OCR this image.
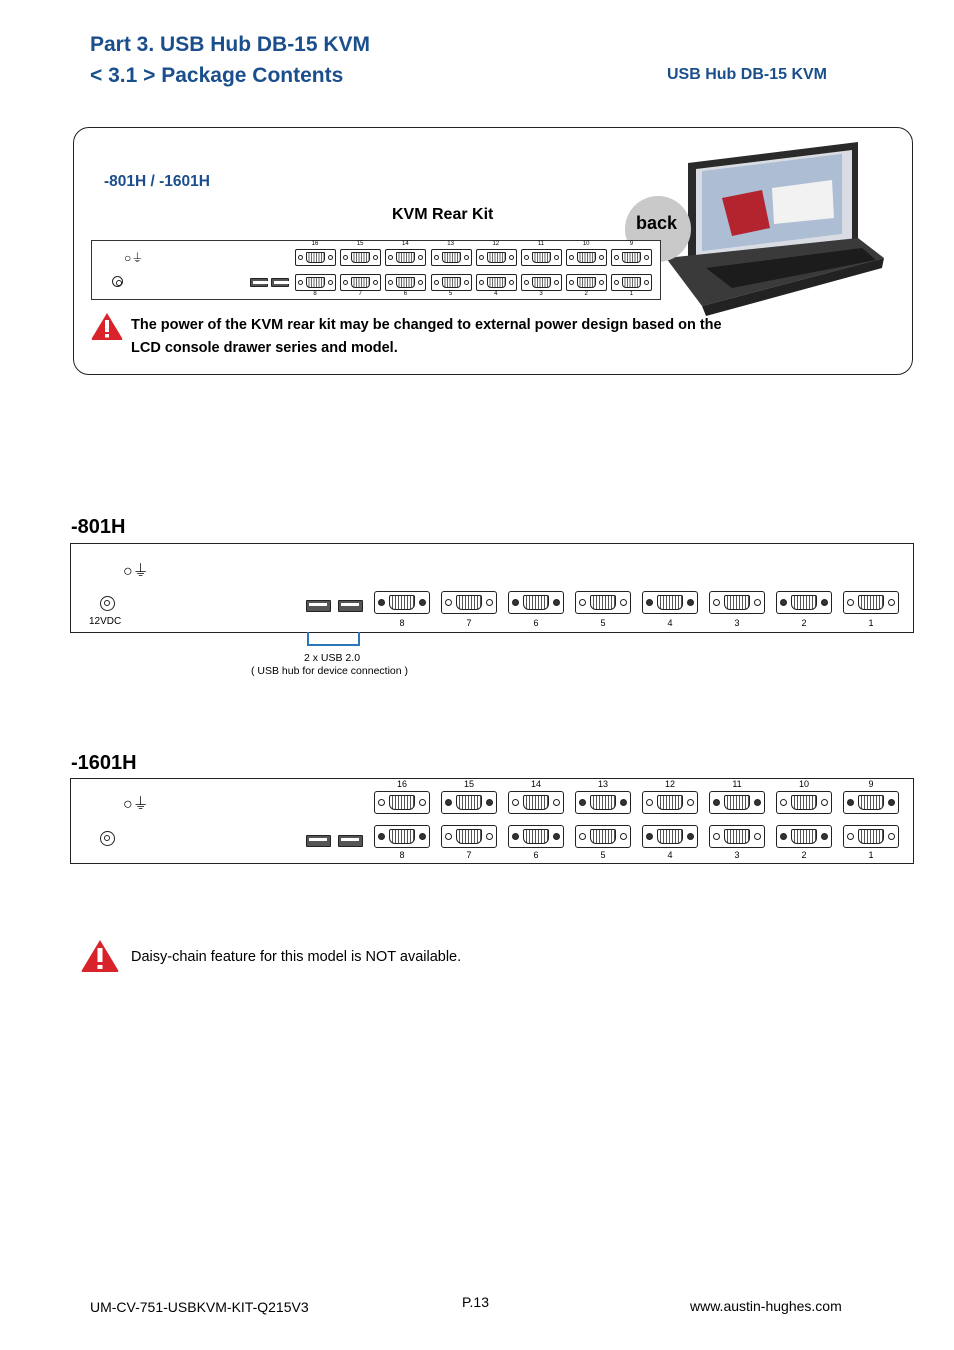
Part 3. USB Hub DB-15 KVM
< 3.1 > Package Contents	USB Hub DB-15 KVM
-801H / -1601H
KVM Rear Kit	back
○⏚
16
8
15
7
14
6
13
5
12
4
11
3
10
2
9
1
The power of the KVM rear kit may be changed to external power design based on the LCD console drawer series and model.
-801H
○⏚
8	7	6	5	4	3	2	1
12VDC
2 x USB 2.0
( USB hub for device connection )
-1601H
○⏚
16
8
15
7
14
6
13
5
12
4
11
3
10
2
9
1
Daisy-chain feature for this model is NOT available.
UM-CV-751-USBKVM-KIT-Q215V3	P.13	www.austin-hughes.com
